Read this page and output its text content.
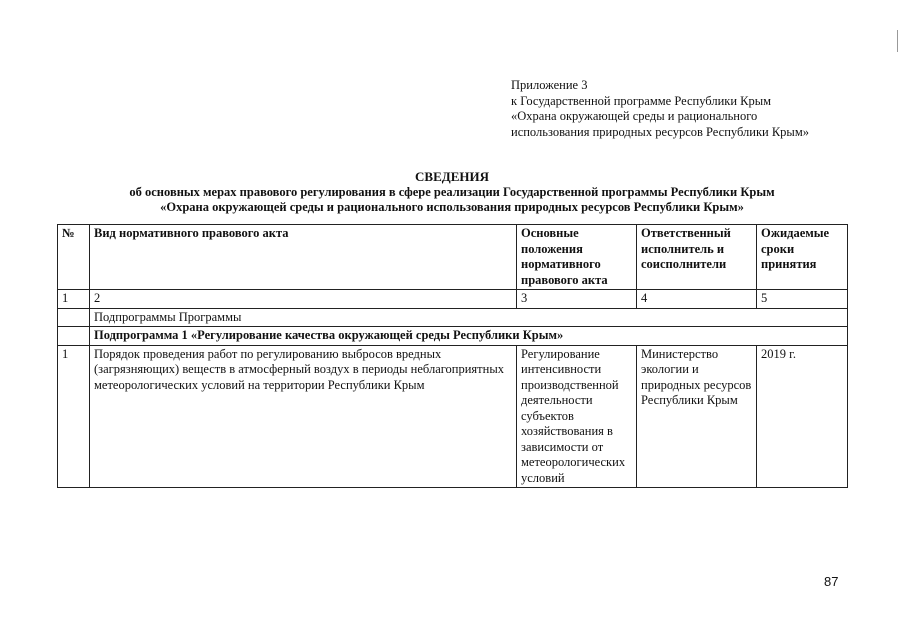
Приложение 3
к Государственной программе Республики Крым
«Охрана окружающей среды и рационального
использования природных ресурсов Республики Крым»
СВЕДЕНИЯ
об основных мерах правового регулирования в сфере реализации Государственной программы Республики Крым
«Охрана окружающей среды и рационального использования природных ресурсов Республики Крым»
№	Вид нормативного правового акта	Основные положения нормативного правового акта	Ответственный исполнитель и соисполнители	Ожидаемые сроки принятия
1	2	3	4	5
	Подпрограммы Программы			
	Подпрограмма 1 «Регулирование качества окружающей среды Республики Крым»			
1	Порядок проведения работ по регулированию выбросов вредных (загрязняющих) веществ в атмосферный воздух в периоды неблагоприятных метеорологических условий на территории Республики Крым	Регулирование интенсивности производственной деятельности субъектов хозяйствования в зависимости от метеорологических условий	Министерство экологии и природных ресурсов Республики Крым	2019 г.
87
